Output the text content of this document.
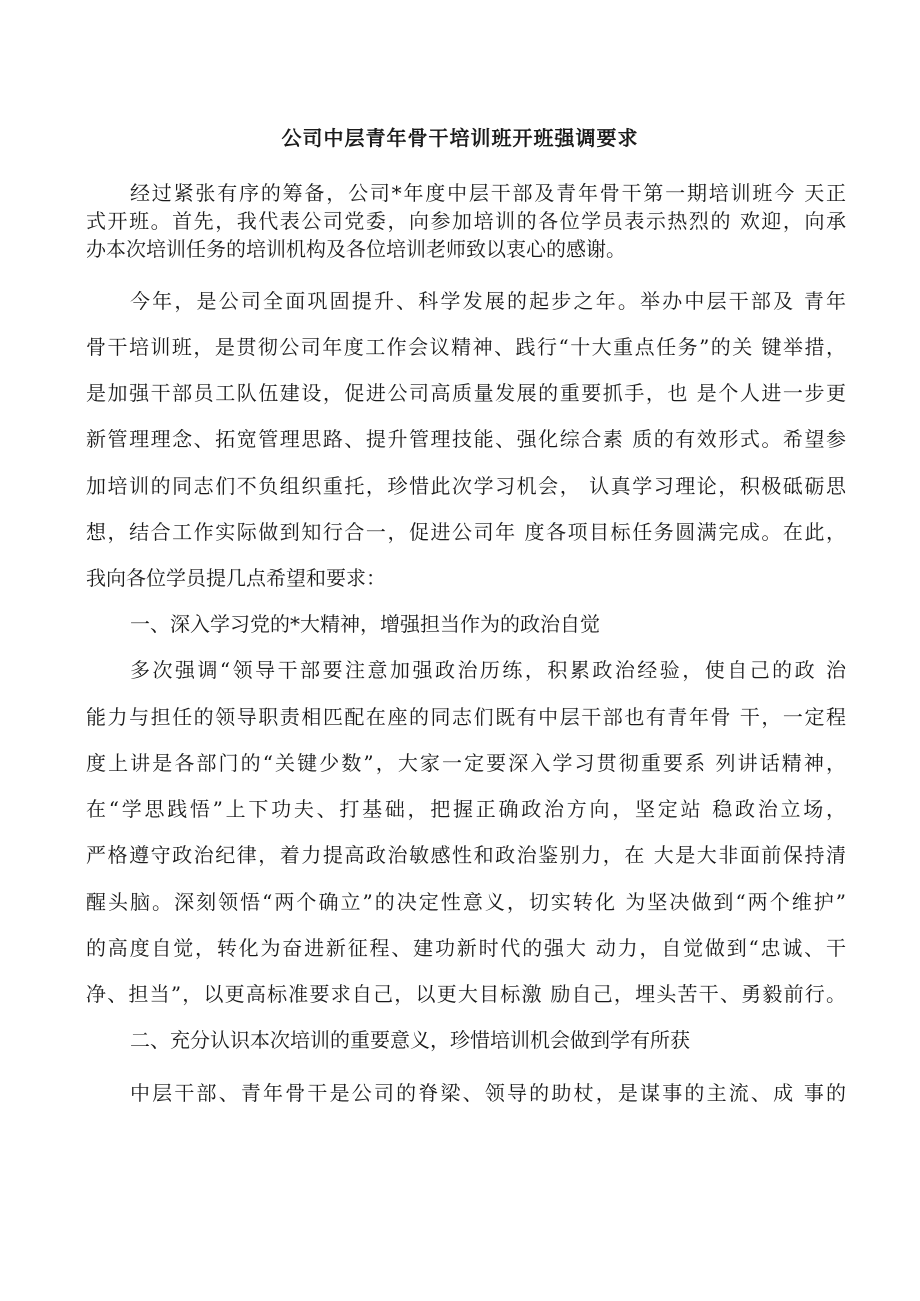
公司中层青年骨干培训班开班强调要求
经过紧张有序的筹备，公司*年度中层干部及青年骨干第一期培训班今 天正
式开班。首先，我代表公司党委，向参加培训的各位学员表示热烈的 欢迎，向承
办本次培训任务的培训机构及各位培训老师致以衷心的感谢。
今年，是公司全面巩固提升、科学发展的起步之年。举办中层干部及 青年
骨干培训班，是贯彻公司年度工作会议精神、践行“十大重点任务”的关 键举措，
是加强干部员工队伍建设，促进公司高质量发展的重要抓手，也 是个人进一步更
新管理理念、拓宽管理思路、提升管理技能、强化综合素 质的有效形式。希望参
加培训的同志们不负组织重托，珍惜此次学习机会， 认真学习理论，积极砥砺思
想，结合工作实际做到知行合一，促进公司年 度各项目标任务圆满完成。在此，
我向各位学员提几点希望和要求：
一、深入学习党的*大精神，增强担当作为的政治自觉
多次强调“领导干部要注意加强政治历练，积累政治经验，使自己的政 治
能力与担任的领导职责相匹配在座的同志们既有中层干部也有青年骨 干，一定程
度上讲是各部门的“关键少数”，大家一定要深入学习贯彻重要系 列讲话精神，
在“学思践悟”上下功夫、打基础，把握正确政治方向，坚定站 稳政治立场，
严格遵守政治纪律，着力提高政治敏感性和政治鉴别力，在 大是大非面前保持清
醒头脑。深刻领悟“两个确立”的决定性意义，切实转化 为坚决做到“两个维护”
的高度自觉，转化为奋进新征程、建功新时代的强大 动力，自觉做到“忠诚、干
净、担当”，以更高标准要求自己，以更大目标激 励自己，埋头苦干、勇毅前行。
二、充分认识本次培训的重要意义，珍惜培训机会做到学有所获
中层干部、青年骨干是公司的脊梁、领导的助杖，是谋事的主流、成 事的
